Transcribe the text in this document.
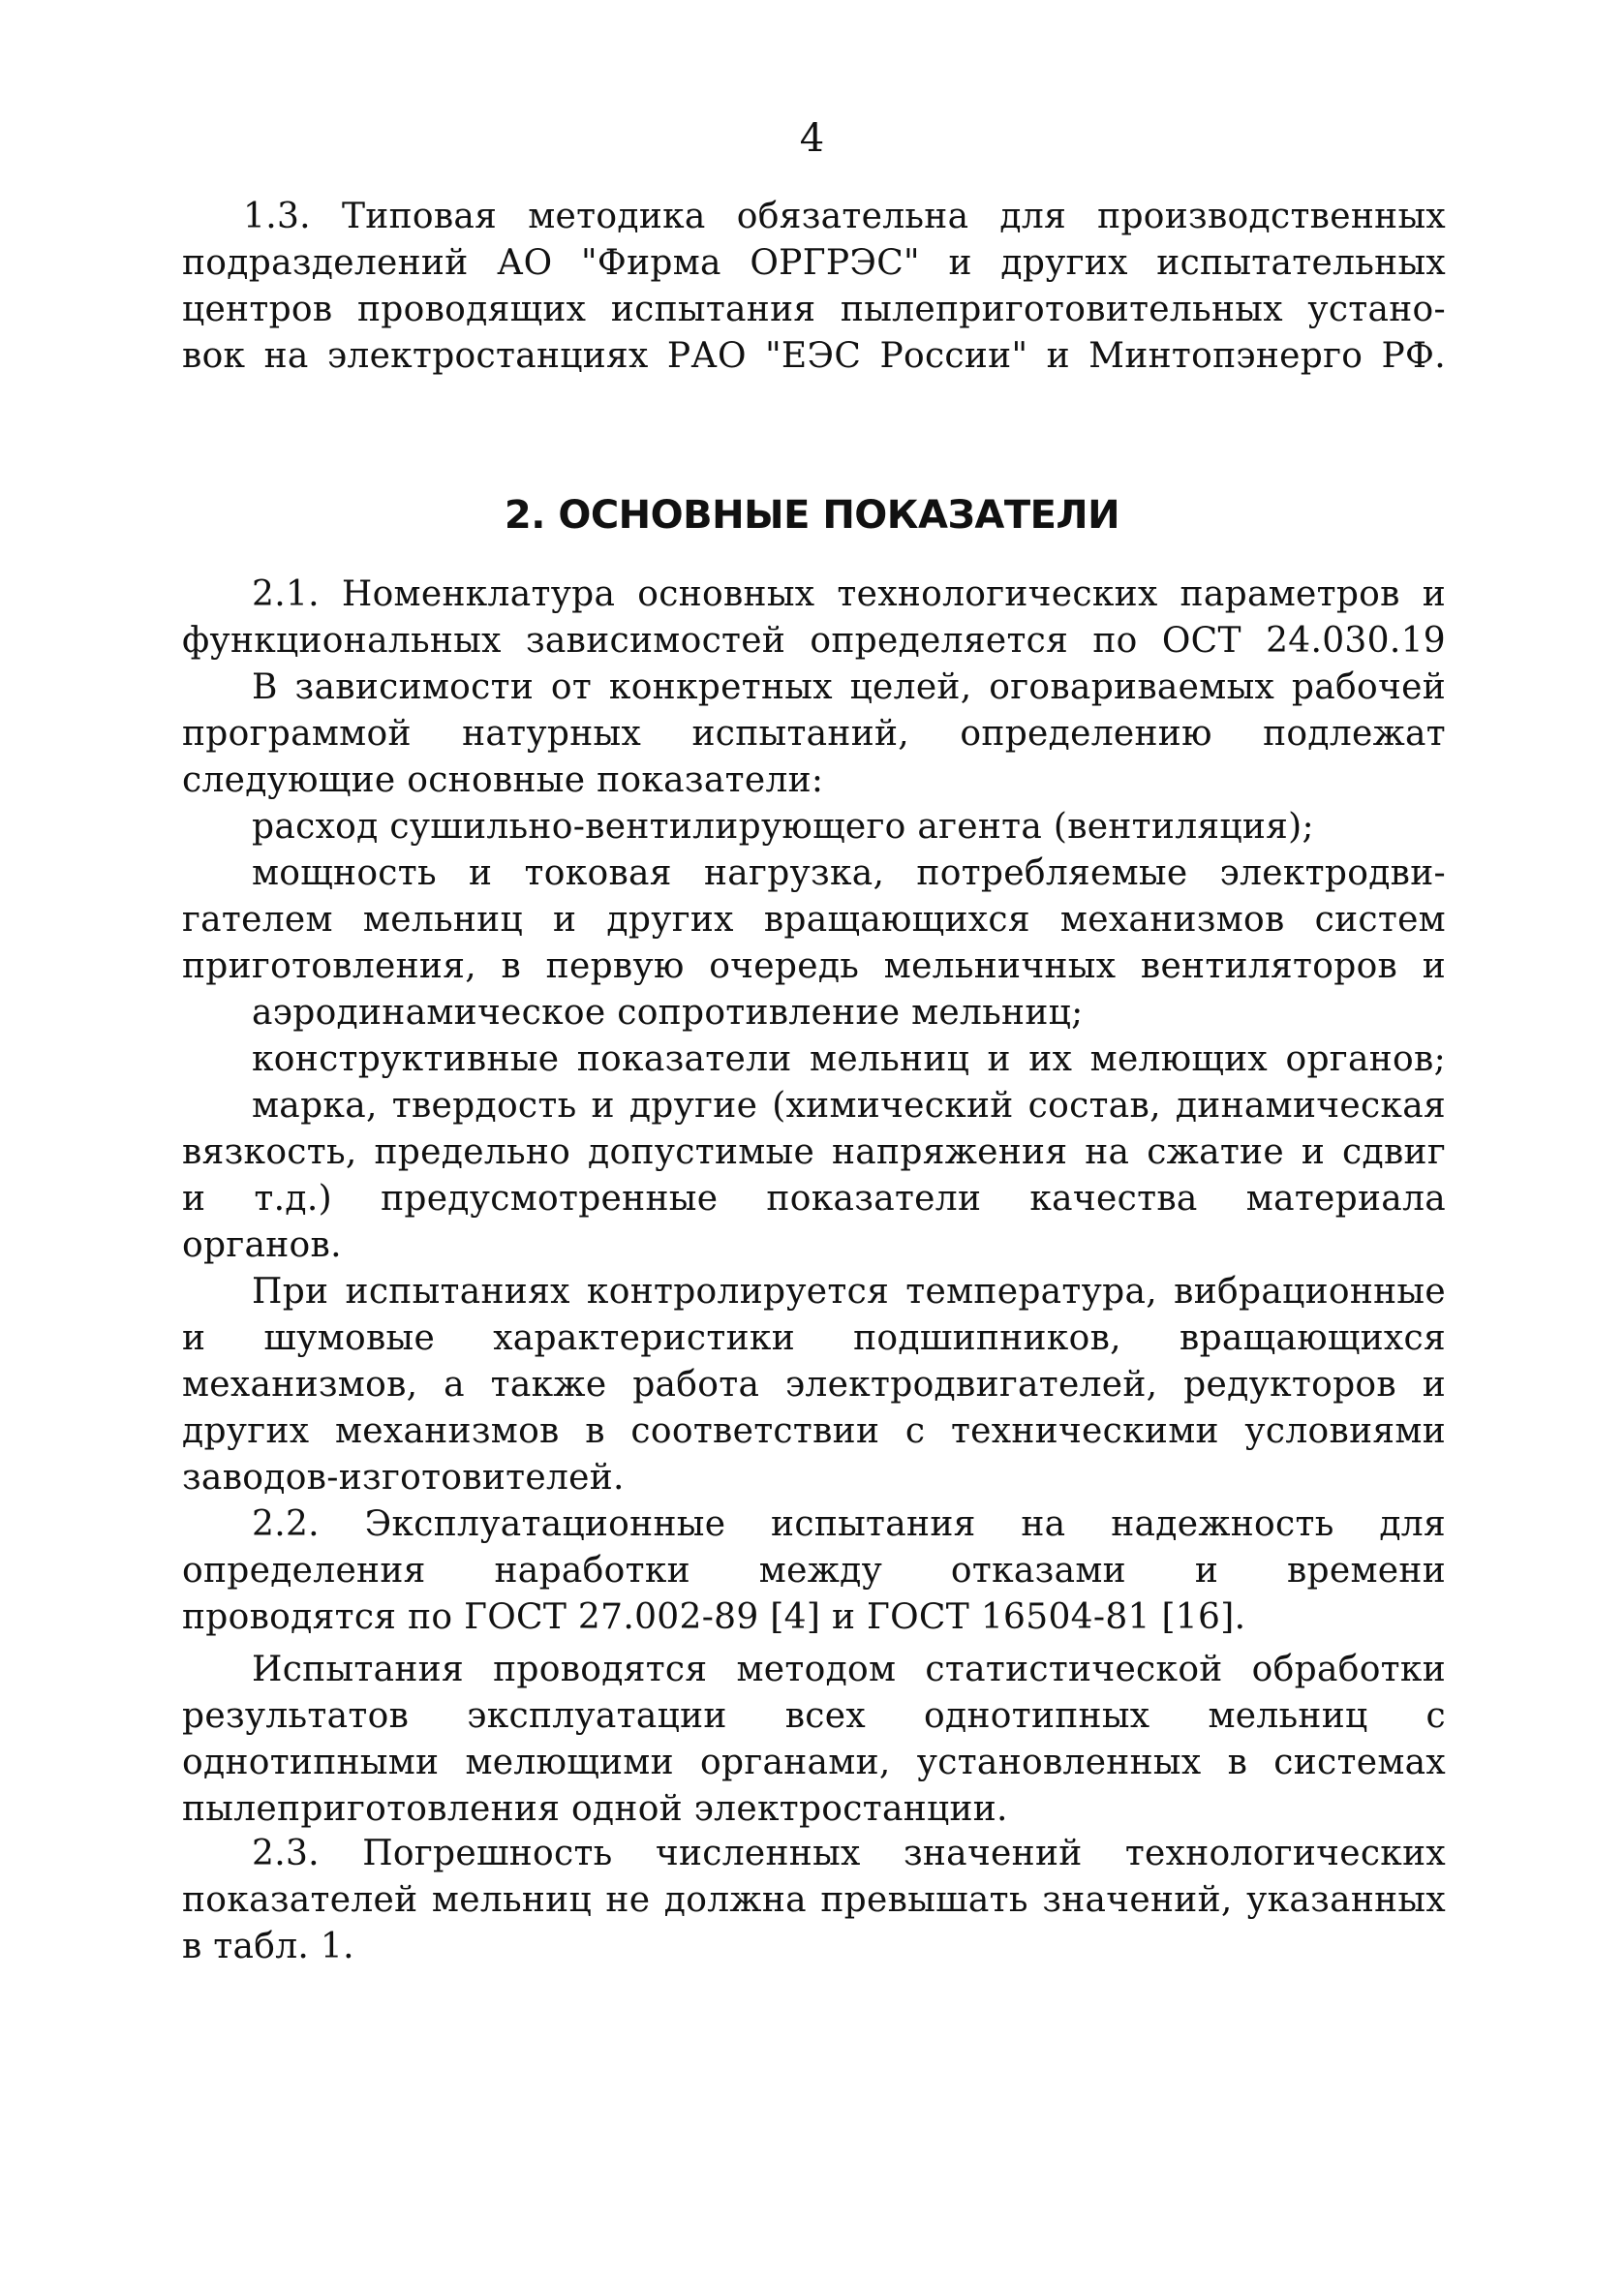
4
1.3. Типовая методика обязательна для производственных
подразделений АО "Фирма ОРГРЭС" и других испытательных
центров проводящих испытания пылеприготовительных устано-
вок на электростанциях РАО "ЕЭС России" и Минтопэнерго РФ.
2. ОСНОВНЫЕ ПОКАЗАТЕЛИ
2.1. Номенклатура основных технологических параметров и
функциональных зависимостей определяется по ОСТ 24.030.19
В зависимости от конкретных целей, оговариваемых рабочей
программой натурных испытаний, определению подлежат
следующие основные показатели:
расход сушильно-вентилирующего агента (вентиляция);
мощность и токовая нагрузка, потребляемые электродви-
гателем мельниц и других вращающихся механизмов систем
приготовления, в первую очередь мельничных вентиляторов и
аэродинамическое сопротивление мельниц;
конструктивные показатели мельниц и их мелющих органов;
марка, твердость и другие (химический состав, динамическая
вязкость, предельно допустимые напряжения на сжатие и сдвиг
и т.д.) предусмотренные показатели качества материала
органов.
При испытаниях контролируется температура, вибрационные
и шумовые характеристики подшипников, вращающихся
механизмов, а также работа электродвигателей, редукторов и
других механизмов в соответствии с техническими условиями
заводов-изготовителей.
2.2. Эксплуатационные испытания на надежность для
определения наработки между отказами и времени
проводятся по ГОСТ 27.002-89 [4] и ГОСТ 16504-81 [16].
Испытания проводятся методом статистической обработки
результатов эксплуатации всех однотипных мельниц с
однотипными мелющими органами, установленных в системах
пылеприготовления одной электростанции.
2.3. Погрешность численных значений технологических
показателей мельниц не должна превышать значений, указанных
в табл. 1.
